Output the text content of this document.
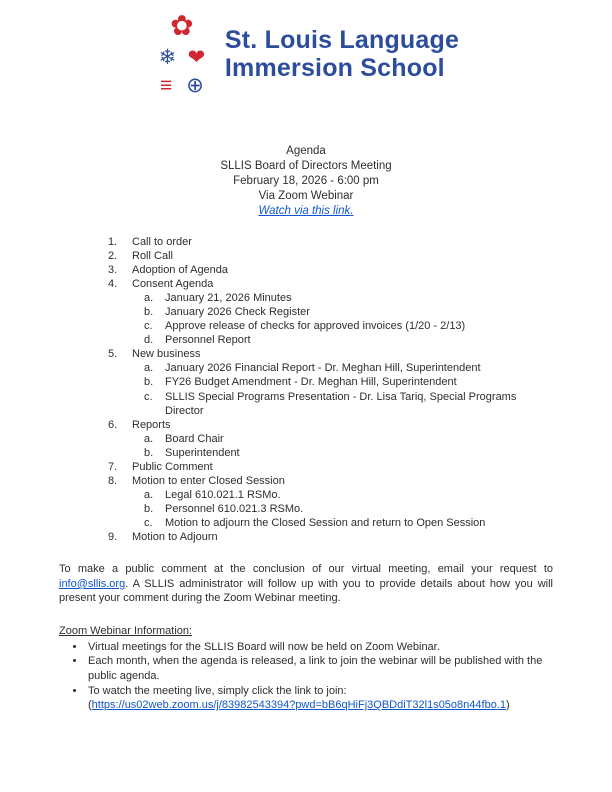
✿
❄ ❤
≡ ⊕
St. Louis Language
Immersion School
Agenda
SLLIS Board of Directors Meeting
February 18, 2026 - 6:00 pm
Via Zoom Webinar
Watch via this link.
1.	Call to order
2.	Roll Call
3.	Adoption of Agenda
4.	Consent Agenda
a.	January 21, 2026 Minutes
b.	January 2026 Check Register
c.	Approve release of checks for approved invoices (1/20 - 2/13)
d.	Personnel Report
5.	New business
a.	January 2026 Financial Report - Dr. Meghan Hill, Superintendent
b.	FY26 Budget Amendment - Dr. Meghan Hill, Superintendent
c.	SLLIS Special Programs Presentation - Dr. Lisa Tariq, Special Programs Director
6.	Reports
a.	Board Chair
b.	Superintendent
7.	Public Comment
8.	Motion to enter Closed Session
a.	Legal 610.021.1 RSMo.
b.	Personnel 610.021.3 RSMo.
c.	Motion to adjourn the Closed Session and return to Open Session
9.	Motion to Adjourn

To make a public comment at the conclusion of our virtual meeting, email your request to info@sllis.org. A SLLIS administrator will follow up with you to provide details about how you will present your comment during the Zoom Webinar meeting.

Zoom Webinar Information:
• Virtual meetings for the SLLIS Board will now be held on Zoom Webinar.
• Each month, when the agenda is released, a link to join the webinar will be published with the public agenda.
• To watch the meeting live, simply click the link to join:
(https://us02web.zoom.us/j/83982543394?pwd=bB6qHiFj3QBDdiT32l1s05o8n44fbo.1)
